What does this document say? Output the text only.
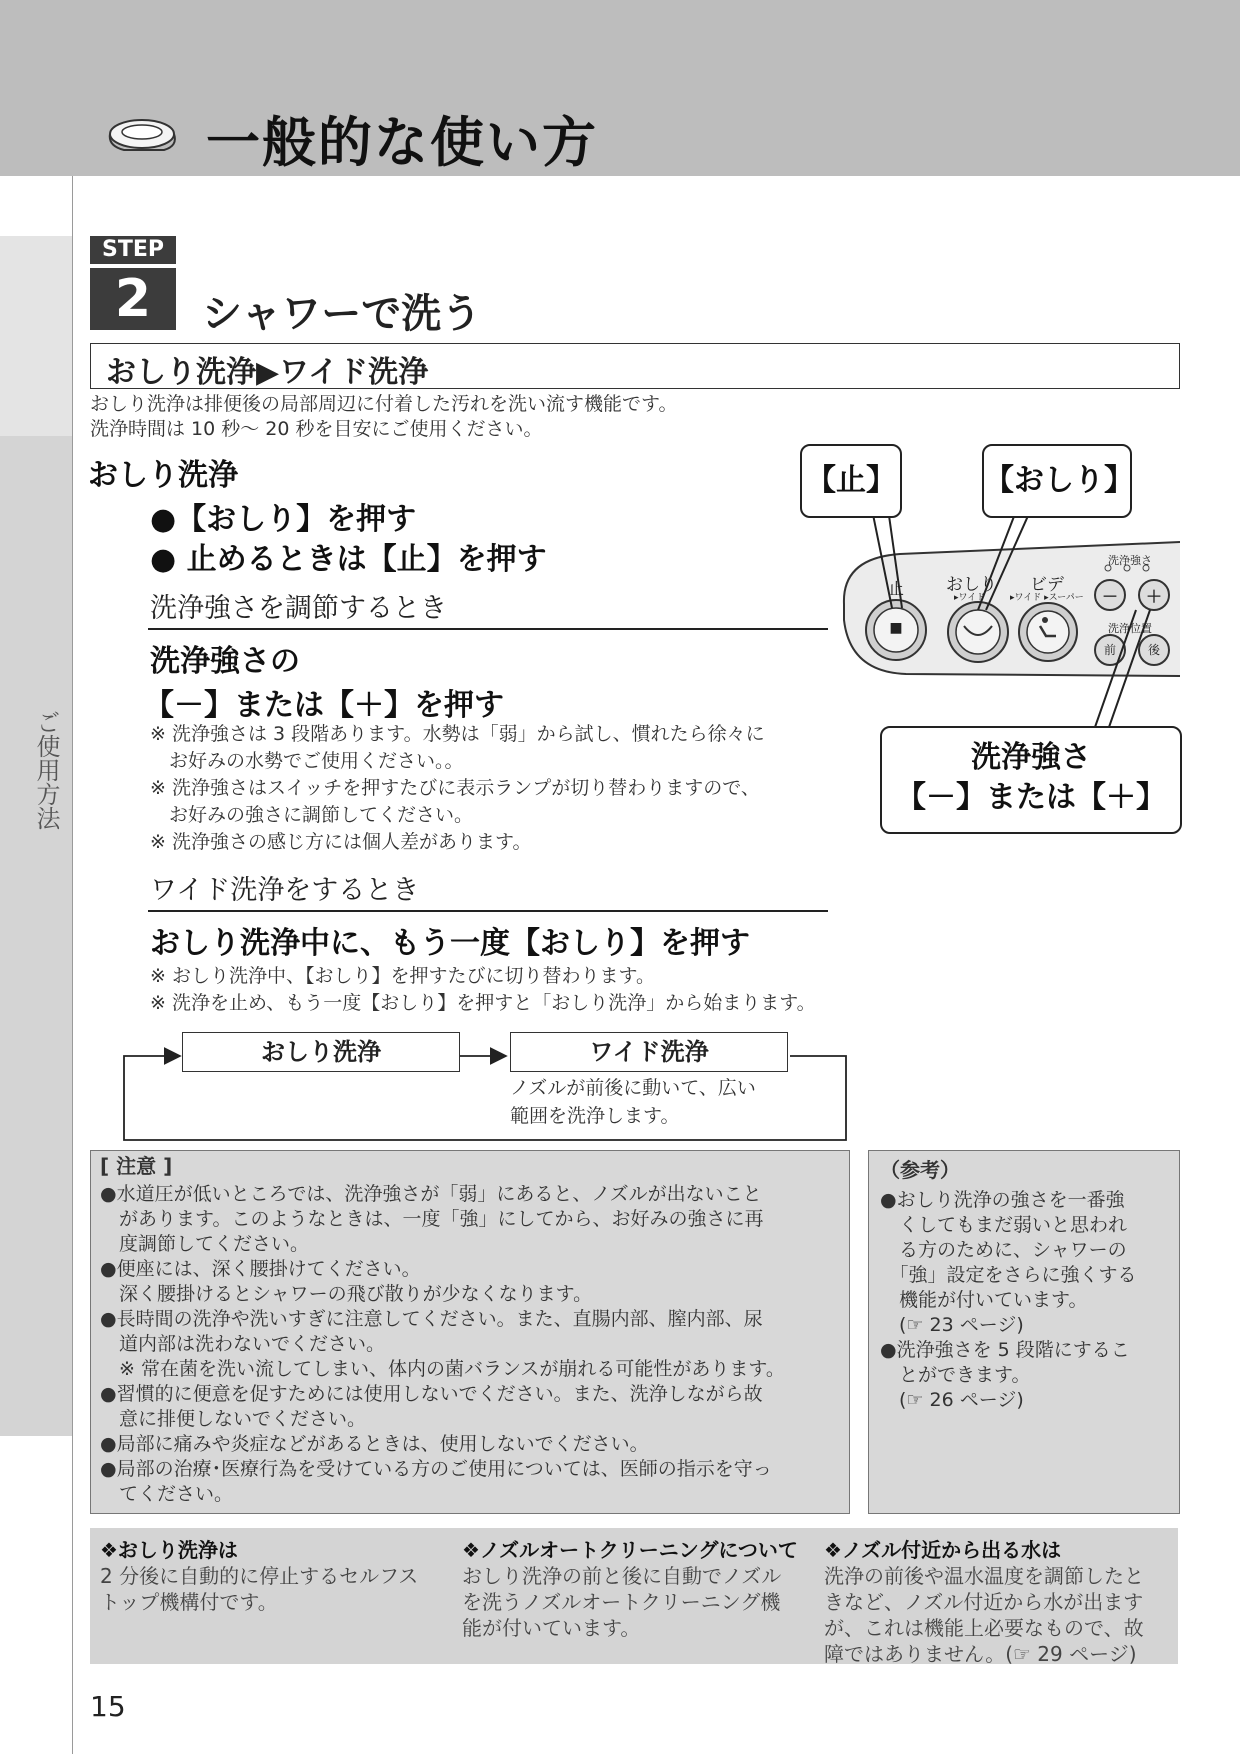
一般的な使い方
ご使用方法
STEP
2	シャワーで洗う
おしり洗浄▶ワイド洗浄
おしり洗浄は排便後の局部周辺に付着した汚れを洗い流す機能です。
洗浄時間は 10 秒～ 20 秒を目安にご使用ください。
おしり洗浄
●【おしり】を押す
● 止めるときは【止】を押す
洗浄強さを調節するとき
洗浄強さの
【－】または【＋】を押す
※ 洗浄強さは 3 段階あります。水勢は「弱」から試し、慣れたら徐々に
　お好みの水勢でご使用ください。。
※ 洗浄強さはスイッチを押すたびに表示ランプが切り替わりますので、
　お好みの強さに調節してください。
※ 洗浄強さの感じ方には個人差があります。
ワイド洗浄をするとき
おしり洗浄中に、もう一度【おしり】を押す
※ おしり洗浄中、【おしり】を押すたびに切り替わります。
※ 洗浄を止め、もう一度【おしり】を押すと「おしり洗浄」から始まります。
おしり洗浄	ワイド洗浄
ノズルが前後に動いて、広い
範囲を洗浄します。
【止】	【おしり】
洗浄強さ
【－】または【＋】
止 おしり
▸ワイド
ビデ
▸ワイド ▸スーパー
洗浄強さ
洗浄位置
－ ＋
前	後
■
[ 注意 ]
●水道圧が低いところでは、洗浄強さが「弱」にあると、ノズルが出ないこと
　があります。このようなときは、一度「強」にしてから、お好みの強さに再
　度調節してください。
●便座には、深く腰掛けてください。
　深く腰掛けるとシャワーの飛び散りが少なくなります。
●長時間の洗浄や洗いすぎに注意してください。また、直腸内部、膣内部、尿
　道内部は洗わないでください。
　※ 常在菌を洗い流してしまい、体内の菌バランスが崩れる可能性があります。
●習慣的に便意を促すためには使用しないでください。また、洗浄しながら故
　意に排便しないでください。
●局部に痛みや炎症などがあるときは、使用しないでください。
●局部の治療･医療行為を受けている方のご使用については、医師の指示を守っ
　てください。
（参考）
●おしり洗浄の強さを一番強
　くしてもまだ弱いと思われ
　る方のために、シャワーの
　「強」設定をさらに強くする
　機能が付いています。
　(☞ 23 ページ)
●洗浄強さを 5 段階にするこ
　とができます。
　(☞ 26 ページ)
❖おしり洗浄は
2 分後に自動的に停止するセルフス
トップ機構付です。
❖ノズルオートクリーニングについて
おしり洗浄の前と後に自動でノズル
を洗うノズルオートクリーニング機
能が付いています。
❖ノズル付近から出る水は
洗浄の前後や温水温度を調節したと
きなど、ノズル付近から水が出ます
が、これは機能上必要なもので、故
障ではありません。(☞ 29 ページ)
15
